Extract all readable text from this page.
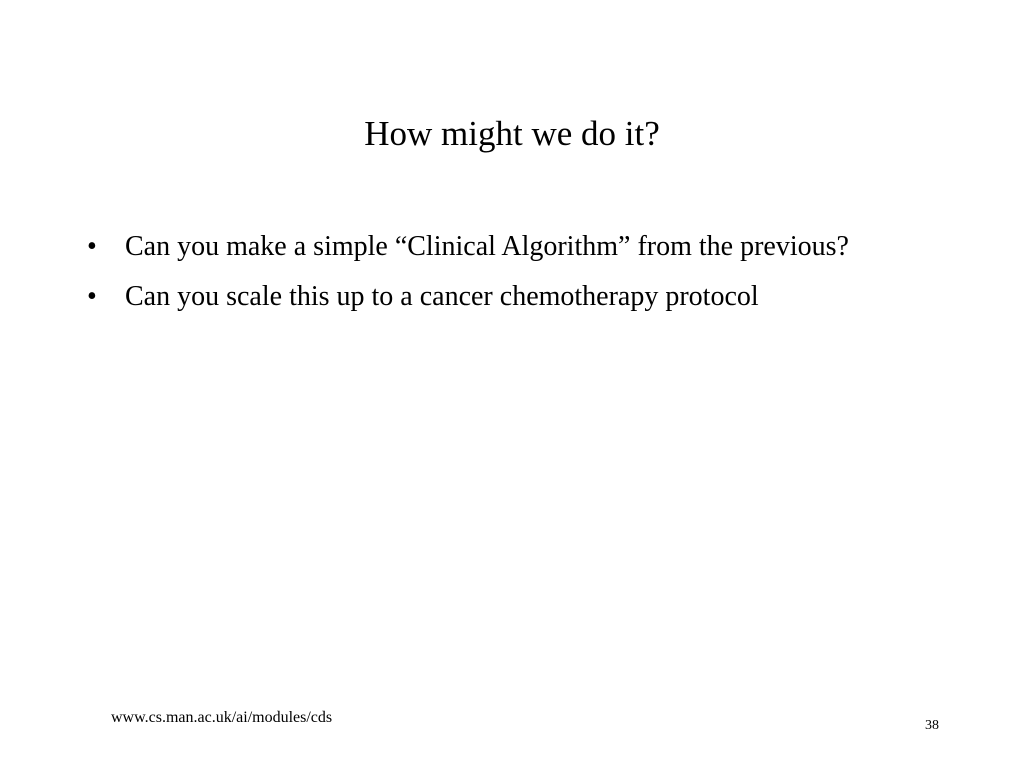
How might we do it?
• Can you make a simple “Clinical Algorithm” from the previous?
• Can you scale this up to a cancer chemotherapy protocol
www.cs.man.ac.uk/ai/modules/cds	38
